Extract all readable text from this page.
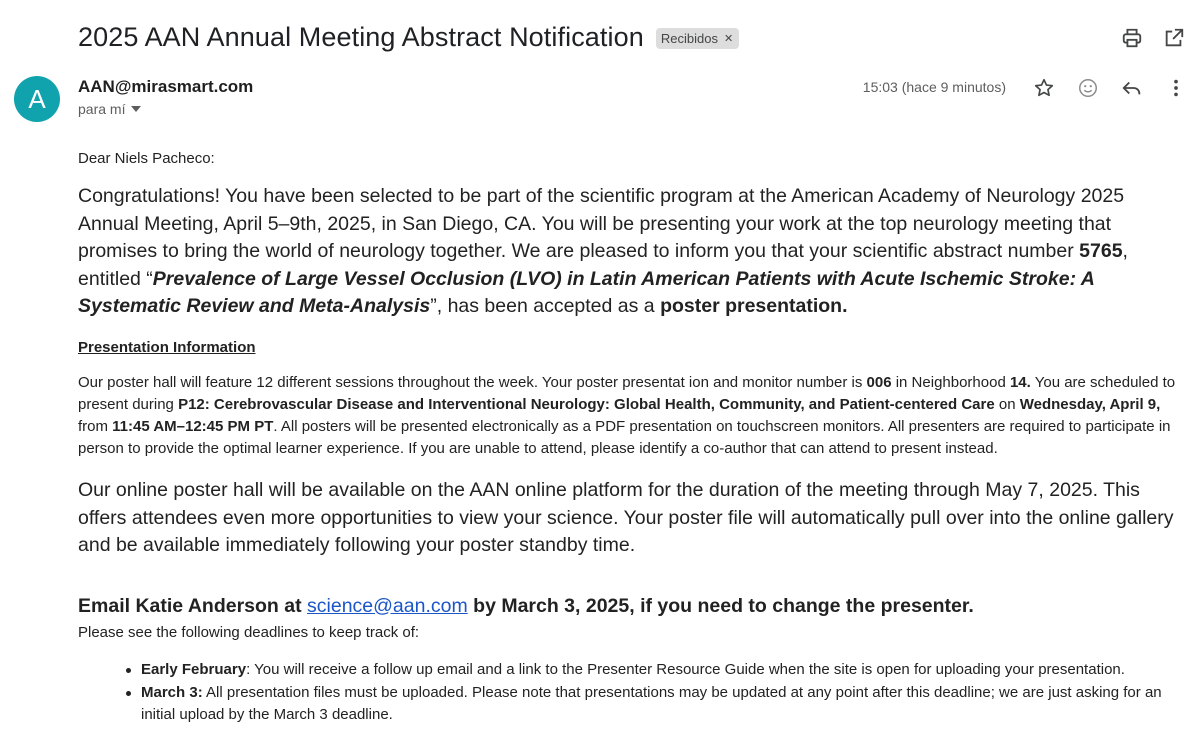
2025 AAN Annual Meeting Abstract Notification Recibidos ✕
A	AAN@mirasmart.com
para mí
15:03 (hace 9 minutos)

Dear Niels Pacheco:

Congratulations! You have been selected to be part of the scientific program at the American Academy of Neurology 2025 Annual Meeting, April 5–9th, 2025, in San Diego, CA. You will be presenting your work at the top neurology meeting that promises to bring the world of neurology together. We are pleased to inform you that your scientific abstract number 5765, entitled “Prevalence of Large Vessel Occlusion (LVO) in Latin American Patients with Acute Ischemic Stroke: A Systematic Review and Meta-Analysis”, has been accepted as a poster presentation.

Presentation Information

Our poster hall will feature 12 different sessions throughout the week. Your poster presentat ion and monitor number is 006 in Neighborhood 14. You are scheduled to present during P12: Cerebrovascular Disease and Interventional Neurology: Global Health, Community, and Patient-centered Care on Wednesday, April 9, from 11:45 AM–12:45 PM PT. All posters will be presented electronically as a PDF presentation on touchscreen monitors. All presenters are required to participate in person to provide the optimal learner experience. If you are unable to attend, please identify a co-author that can attend to present instead.

Our online poster hall will be available on the AAN online platform for the duration of the meeting through May 7, 2025. This offers attendees even more opportunities to view your science. Your poster file will automatically pull over into the online gallery and be available immediately following your poster standby time.

Email Katie Anderson at science@aan.com by March 3, 2025, if you need to change the presenter.

Please see the following deadlines to keep track of:

Early February: You will receive a follow up email and a link to the Presenter Resource Guide when the site is open for uploading your presentation.
March 3: All presentation files must be uploaded. Please note that presentations may be updated at any point after this deadline; we are just asking for an initial upload by the March 3 deadline.
